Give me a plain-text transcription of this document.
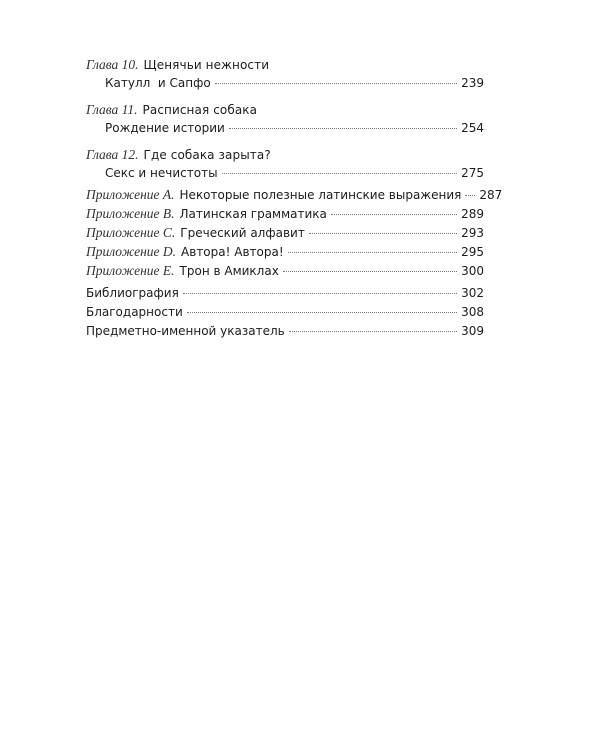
Глава 10. Щенячьи нежности
Катулл  и Сапфо	239
Глава 11. Расписная собака
Рождение истории	254
Глава 12. Где собака зарыта?
Секс и нечистоты	275
Приложение A. Некоторые полезные латинские выражения 287
Приложение B. Латинская грамматика	289
Приложение C. Греческий алфавит	293
Приложение D. Автора! Автора!	295
Приложение E. Трон в Амиклах	300
Библиография	302
Благодарности	308
Предметно-именной указатель	309
